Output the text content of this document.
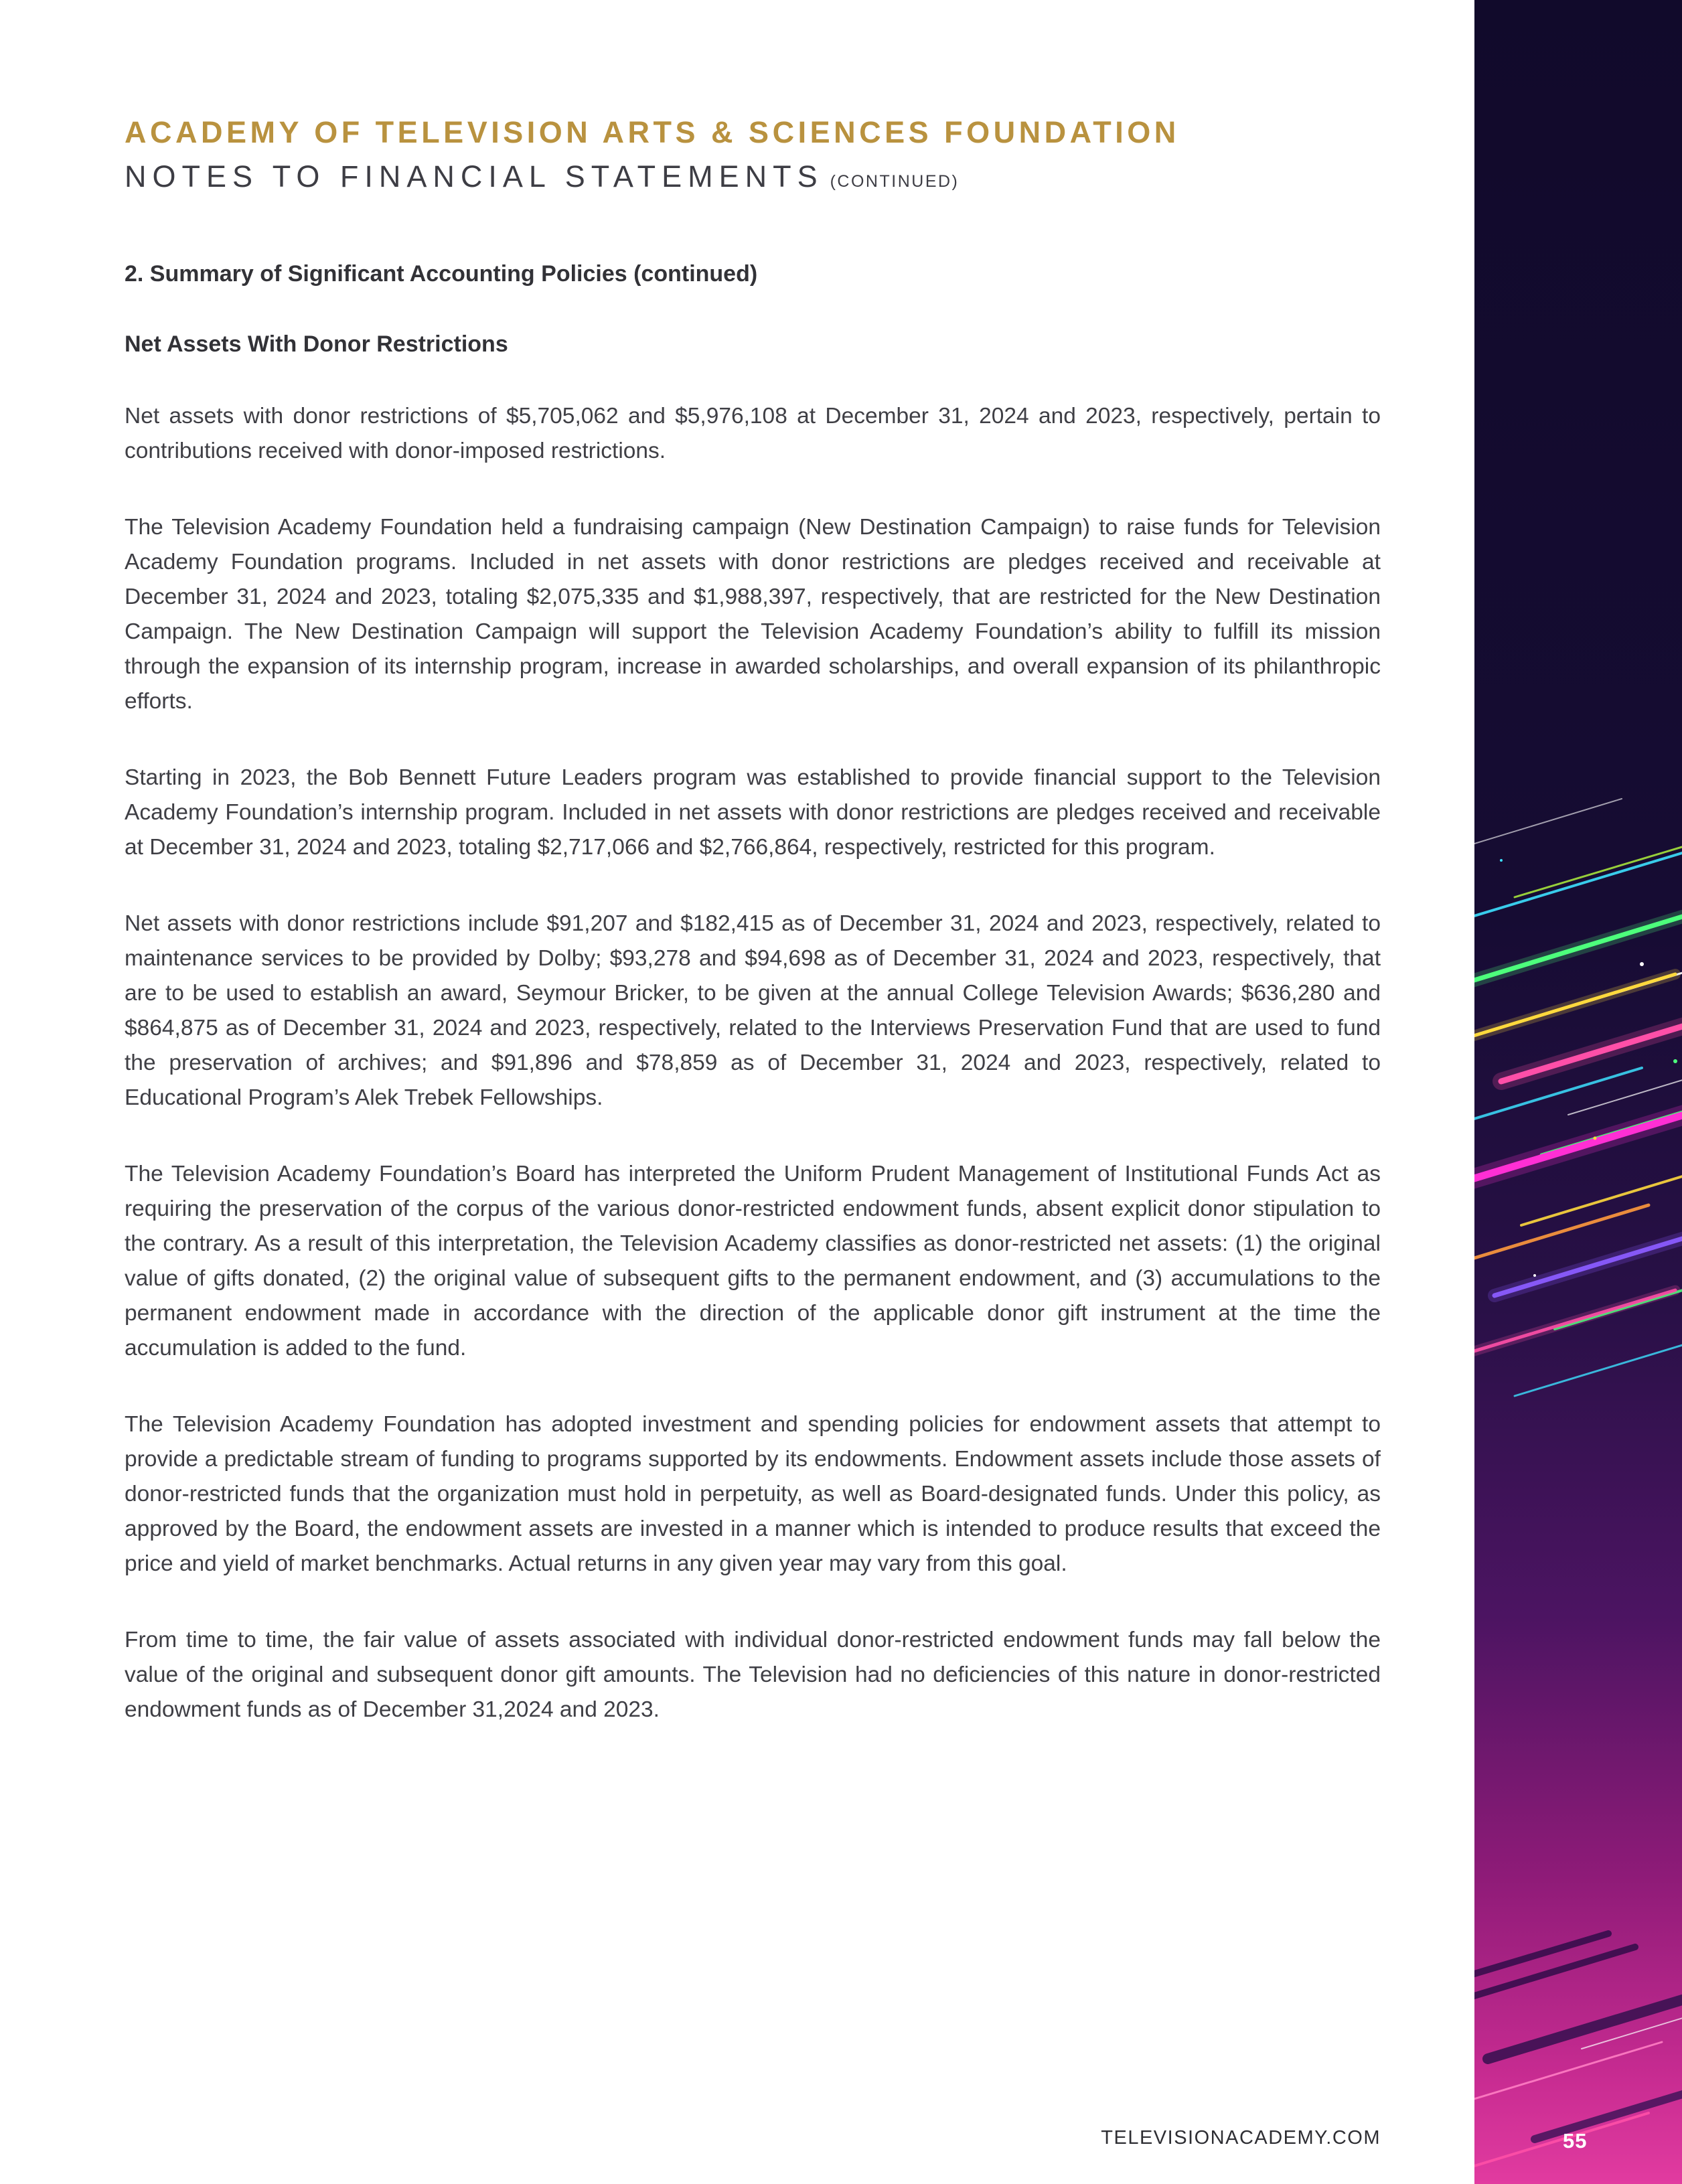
ACADEMY OF TELEVISION ARTS & SCIENCES FOUNDATION
NOTES TO FINANCIAL STATEMENTS (CONTINUED)
2. Summary of Significant Accounting Policies (continued)
Net Assets With Donor Restrictions

Net assets with donor restrictions of $5,705,062 and $5,976,108 at December 31, 2024 and 2023, respectively, pertain to contributions received with donor-imposed restrictions.

The Television Academy Foundation held a fundraising campaign (New Destination Campaign) to raise funds for Television Academy Foundation programs. Included in net assets with donor restrictions are pledges received and receivable at December 31, 2024 and 2023, totaling $2,075,335 and $1,988,397, respectively, that are restricted for the New Destination Campaign. The New Destination Campaign will support the Television Academy Foundation’s ability to fulfill its mission through the expansion of its internship program, increase in awarded scholarships, and overall expansion of its philanthropic efforts.

Starting in 2023, the Bob Bennett Future Leaders program was established to provide financial support to the Television Academy Foundation’s internship program. Included in net assets with donor restrictions are pledges received and receivable at December 31, 2024 and 2023, totaling $2,717,066 and $2,766,864, respectively, restricted for this program.

Net assets with donor restrictions include $91,207 and $182,415 as of December 31, 2024 and 2023, respectively, related to maintenance services to be provided by Dolby; $93,278 and $94,698 as of December 31, 2024 and 2023, respectively, that are to be used to establish an award, Seymour Bricker, to be given at the annual College Television Awards; $636,280 and $864,875 as of December 31, 2024 and 2023, respectively, related to the Interviews Preservation Fund that are used to fund the preservation of archives; and $91,896 and $78,859 as of December 31, 2024 and 2023, respectively, related to Educational Program’s Alek Trebek Fellowships.

The Television Academy Foundation’s Board has interpreted the Uniform Prudent Management of Institutional Funds Act as requiring the preservation of the corpus of the various donor-restricted endowment funds, absent explicit donor stipulation to the contrary. As a result of this interpretation, the Television Academy classifies as donor-restricted net assets: (1) the original value of gifts donated, (2) the original value of subsequent gifts to the permanent endowment, and (3) accumulations to the permanent endowment made in accordance with the direction of the applicable donor gift instrument at the time the accumulation is added to the fund.

The Television Academy Foundation has adopted investment and spending policies for endowment assets that attempt to provide a predictable stream of funding to programs supported by its endowments. Endowment assets include those assets of donor-restricted funds that the organization must hold in perpetuity, as well as Board-designated funds. Under this policy, as approved by the Board, the endowment assets are invested in a manner which is intended to produce results that exceed the price and yield of market benchmarks. Actual returns in any given year may vary from this goal.

From time to time, the fair value of assets associated with individual donor-restricted endowment funds may fall below the value of the original and subsequent donor gift amounts. The Television had no deficiencies of this nature in donor-restricted endowment funds as of December 31,2024 and 2023.

TELEVISIONACADEMY.COM	55
